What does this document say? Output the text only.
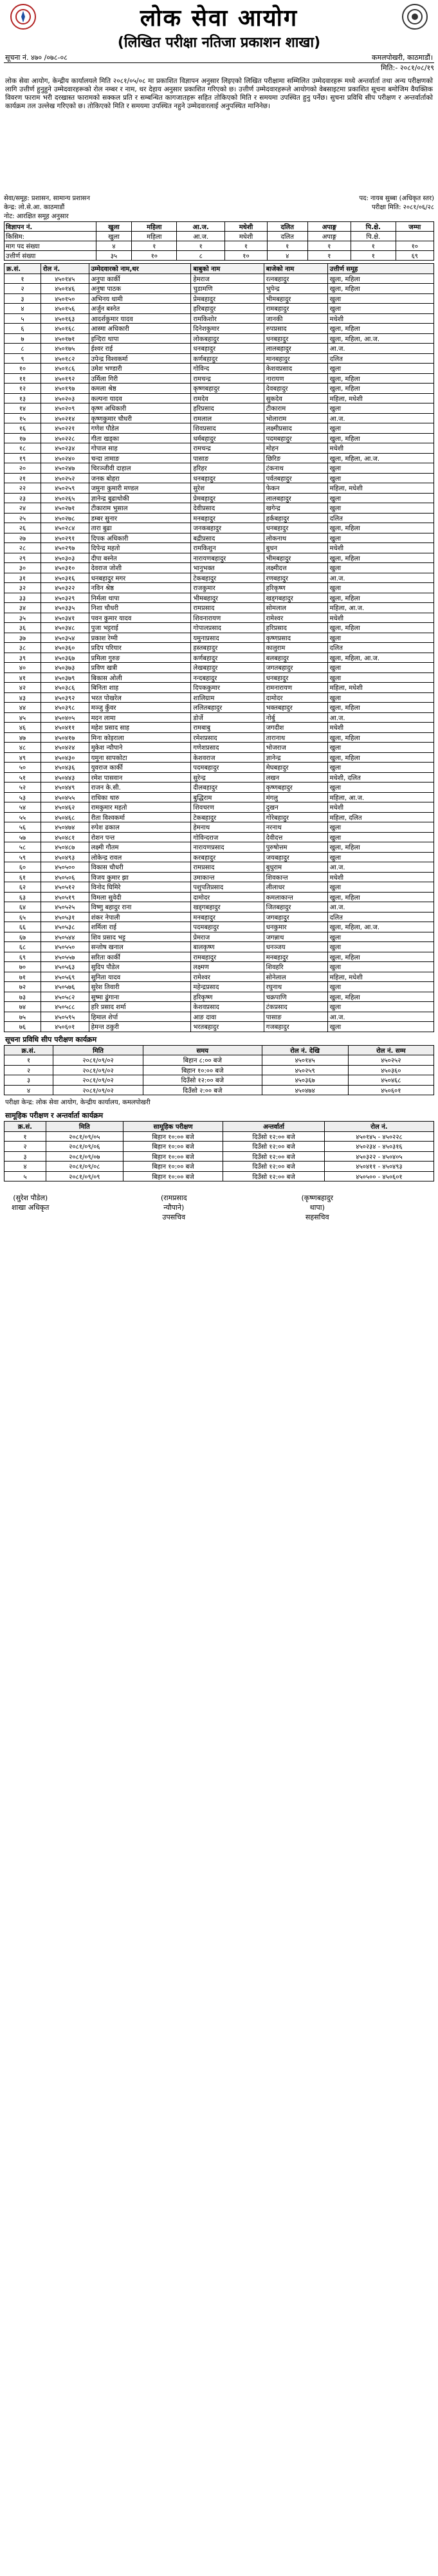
लोक सेवा आयोग
(लिखित परीक्षा नतिजा प्रकाशन शाखा)
सूचना नं. ४७० /०७८-०८	कमलपोखरी, काठमाडौं।
मिति:- २०८१/०८/१९
लोक सेवा आयोग, केन्द्रीय कार्यालयले मिति २०८१/०५/०८ मा प्रकाशित विज्ञापन अनुसार लिइएको लिखित परीक्षामा सम्मिलित उम्मेदवारहरू मध्ये अन्तर्वार्ता तथा अन्य परीक्षणको लागि उत्तीर्ण हुनुहुने उम्मेदवारहरूको रोल नम्बर र नाम, थर देहाय अनुसार प्रकाशित गरिएको छ। उत्तीर्ण उम्मेदवारहरूले आयोगको वेबसाइटमा प्रकाशित सूचना बमोजिम वैयक्तिक विवरण फाराम भरी दरखास्त फारामको सक्कल प्रति र सम्बन्धित कागजातहरू सहित तोकिएको मिति र समयमा उपस्थित हुनु पर्नेछ। सुचना प्रविधि सीप परीक्षण र अन्तर्वार्ताको कार्यक्रम तल उल्लेख गरिएको छ। तोकिएको मिति र समयमा उपस्थित नहुने उम्मेदवारलाई अनुपस्थित मानिनेछ।
सेवा/समूह: प्रशासन, सामान्य प्रशासन	पद: नायब सुब्बा (अधिकृत स्तर)
केन्द्र: लो.से.आ. काठमाडौं	परीक्षा मिति: २०८१/०६/२८
नोट: आरक्षित समूह अनुसार
विज्ञापन नं.	खुला	महिला	आ.ज.	मधेशी	दलित	अपाङ्ग	पि.क्षे.	जम्मा
किसिम:	खुला	महिला	आ.ज.	मधेशी	दलित	अपाङ्ग	पि.क्षे.	
माग पद संख्या	४	१	१	१	१	१	१	१०
उत्तीर्ण संख्या	३५	१०	८	१०	४	१	१	६९
क्र.सं.	रोल नं.	उम्मेदवारको नाम,थर	बाबुको नाम	बाजेको नाम	उत्तीर्ण समूह
१	४५०१४५	अनुपा कार्की	हेमराज	रत्नबहादुर	खुला, महिला
२	४५०१४६	अनुषा पाठक	चुडामणि	भुपेन्द्र	खुला, महिला
३	४५०१५०	अभिनय धामी	प्रेमबहादुर	भीमबहादुर	खुला
४	४५०१५६	अर्जुन बस्नेत	हरिबहादुर	रामबहादुर	खुला
५	४५०१६३	आदर्शकुमार यादव	रामकिशोर	जानकी	मधेशी
६	४५०१६८	आस्मा अधिकारी	दिनेशकुमार	रुपप्रसाद	खुला, महिला
७	४५०१७१	इन्दिरा थापा	लोकबहादुर	धनबहादुर	खुला, महिला, आ.ज.
८	४५०१७५	ईश्वर राई	धनबहादुर	लालबहादुर	आ.ज.
९	४५०१८२	उपेन्द्र विश्वकर्मा	कर्णबहादुर	मानबहादुर	दलित
१०	४५०१८६	उमेश भण्डारी	गोविन्द	केशवप्रसाद	खुला
११	४५०१९२	उर्मिला गिरी	रामचन्द्र	नारायण	खुला, महिला
१२	४५०१९७	कमला श्रेष्ठ	कृष्णबहादुर	देवबहादुर	खुला, महिला
१३	४५०२०३	कल्पना यादव	रामदेव	सुकदेव	महिला, मधेशी
१४	४५०२०९	कृष्ण अधिकारी	हरिप्रसाद	टीकाराम	खुला
१५	४५०२१४	कृष्णकुमार चौधरी	रामलाल	भोलाराम	आ.ज.
१६	४५०२२१	गणेश पौडेल	शिवप्रसाद	लक्ष्मीप्रसाद	खुला
१७	४५०२२८	गीता खड्का	धर्मबहादुर	पदमबहादुर	खुला, महिला
१८	४५०२३४	गोपाल साह	रामचन्द्र	मोहन	मधेशी
१९	४५०२४०	चन्दा तामाङ	पासाङ	छिरिङ	खुला, महिला, आ.ज.
२०	४५०२४७	चिरञ्जीवी दाहाल	हरिहर	टंकनाथ	खुला
२१	४५०२५२	जनक बोहरा	धनबहादुर	पर्वतबहादुर	खुला
२२	४५०२५९	जमुना कुमारी मण्डल	सुरेश	फेकन	महिला, मधेशी
२३	४५०२६५	ज्ञानेन्द्र बुढाथोकी	प्रेमबहादुर	लालबहादुर	खुला
२४	४५०२७१	टीकाराम भुसाल	देवीप्रसाद	खगेन्द्र	खुला
२५	४५०२७८	डम्बर सुनार	मनबहादुर	हर्कबहादुर	दलित
२६	४५०२८४	तारा बुढा	जनकबहादुर	धनबहादुर	खुला, महिला
२७	४५०२९१	दिपक अधिकारी	बद्रीप्रसाद	लोकनाथ	खुला
२८	४५०२९७	दिपेन्द्र महतो	रामकिशुन	बुधन	मधेशी
२९	४५०३०३	दीपा बस्नेत	नारायणबहादुर	भीमबहादुर	खुला, महिला
३०	४५०३१०	देवराज जोशी	भानुभक्त	लक्ष्मीदत्त	खुला
३१	४५०३१६	धनबहादुर मगर	टेकबहादुर	रणबहादुर	आ.ज.
३२	४५०३२२	नविन श्रेष्ठ	राजकुमार	हरिकृष्ण	खुला
३३	४५०३२९	निर्मला थापा	भीमबहादुर	खड्गबहादुर	खुला, महिला
३४	४५०३३५	निशा चौधरी	रामप्रसाद	सोमलाल	महिला, आ.ज.
३५	४५०३४१	पवन कुमार यादव	शिवनारायण	रामेश्वर	मधेशी
३६	४५०३४८	पुजा भट्टराई	गोपालप्रसाद	हरिप्रसाद	खुला, महिला
३७	४५०३५४	प्रकाश रेग्मी	यमुनाप्रसाद	कृष्णप्रसाद	खुला
३८	४५०३६०	प्रदिप परियार	हस्तबहादुर	कालुराम	दलित
३९	४५०३६७	प्रमिला गुरुङ	कर्णबहादुर	बलबहादुर	खुला, महिला, आ.ज.
४०	४५०३७३	प्रविण खत्री	लेखबहादुर	जगतबहादुर	खुला
४१	४५०३७९	बिकास ओली	नन्दबहादुर	धनबहादुर	खुला
४२	४५०३८६	बिनिता शाह	दिपककुमार	रामनारायण	महिला, मधेशी
४३	४५०३९२	भरत पोखरेल	शालिग्राम	दामोदर	खुला
४४	४५०३९८	मञ्जु कुँवर	ललितबहादुर	भक्तबहादुर	खुला, महिला
४५	४५०४०५	मदन लामा	डोर्जे	नोर्बु	आ.ज.
४६	४५०४११	महेश प्रसाद साह	रामबाबु	जगदीश	मधेशी
४७	४५०४१७	मिना कोइराला	रमेशप्रसाद	तारानाथ	खुला, महिला
४८	४५०४२४	मुकेश न्यौपाने	गणेशप्रसाद	भोजराज	खुला
४९	४५०४३०	यमुना सापकोटा	केशवराज	ज्ञानेन्द्र	खुला, महिला
५०	४५०४३६	युवराज कार्की	पदमबहादुर	मेघबहादुर	खुला
५१	४५०४४३	रमेश पासवान	सुरेन्द्र	लखन	मधेशी, दलित
५२	४५०४४९	राजन के.सी.	दीलबहादुर	कृष्णबहादुर	खुला
५३	४५०४५५	राधिका थारु	बुद्धिराम	मंगलु	महिला, आ.ज.
५४	४५०४६२	रामकुमार महतो	शिवचरण	दुखन	मधेशी
५५	४५०४६८	रीता विश्वकर्मा	टेकबहादुर	गोरेबहादुर	महिला, दलित
५६	४५०४७४	रुपेश ढकाल	हेमनाथ	नरनाथ	खुला
५७	४५०४८१	रोशन पन्त	गोविन्दराज	देवीदत्त	खुला
५८	४५०४८७	लक्ष्मी गौतम	नारायणप्रसाद	पुरुषोत्तम	खुला, महिला
५९	४५०४९३	लोकेन्द्र रावल	करबहादुर	जयबहादुर	खुला
६०	४५०५००	विकास चौधरी	रामप्रसाद	बुधुराम	आ.ज.
६१	४५०५०६	विजय कुमार झा	उमाकान्त	शिवकान्त	मधेशी
६२	४५०५१२	विनोद घिमिरे	पशुपतिप्रसाद	लीलाधर	खुला
६३	४५०५१९	विमला सुवेदी	दामोदर	कमलाकान्त	खुला, महिला
६४	४५०५२५	विष्णु बहादुर राना	खड्गबहादुर	जितबहादुर	आ.ज.
६५	४५०५३१	शंकर नेपाली	मनबहादुर	जगबहादुर	दलित
६६	४५०५३८	शर्मिला राई	पदमबहादुर	धनकुमार	खुला, महिला, आ.ज.
६७	४५०५४४	शिव प्रसाद भट्ट	प्रेमराज	जगन्नाथ	खुला
६८	४५०५५०	सन्तोष खनाल	बालकृष्ण	धनञ्जय	खुला
६९	४५०५५७	सरिता कार्की	रामबहादुर	मनबहादुर	खुला, महिला
७०	४५०५६३	सुदिप पौडेल	लक्ष्मण	शिवहरि	खुला
७१	४५०५६९	सुनिता यादव	रामेश्वर	सोनेलाल	महिला, मधेशी
७२	४५०५७६	सुरेश तिवारी	महेन्द्रप्रसाद	रघुनाथ	खुला
७३	४५०५८२	सुष्मा ढुंगाना	हरिकृष्ण	चक्रपाणि	खुला, महिला
७४	४५०५८८	हरि प्रसाद शर्मा	केशवप्रसाद	टंकप्रसाद	खुला
७५	४५०५९५	हिमाल शेर्पा	आङ दावा	पासाङ	आ.ज.
७६	४५०६०१	हेमन्त ठकुरी	भरतबहादुर	गजबहादुर	खुला
सूचना प्रविधि सीप परीक्षण कार्यक्रम
क्र.सं.	मिति	समय	रोल नं. देखि	रोल नं. सम्म
१	२०८१/०९/०२	बिहान ८:०० बजे	४५०१४५	४५०२५२
२	२०८१/०९/०२	बिहान १०:०० बजे	४५०२५९	४५०३६०
३	२०८१/०९/०२	दिउँसो १२:०० बजे	४५०३६७	४५०४६८
४	२०८१/०९/०२	दिउँसो २:०० बजे	४५०४७४	४५०६०१
परीक्षा केन्द्र: लोक सेवा आयोग, केन्द्रीय कार्यालय, कमलपोखरी
सामूहिक परीक्षण र अन्तर्वार्ता कार्यक्रम
क्र.सं.	मिति	सामूहिक परीक्षण	अन्तर्वार्ता	रोल नं.
१	२०८१/०९/०५	बिहान १०:०० बजे	दिउँसो १२:०० बजे	४५०१४५ - ४५०२२८
२	२०८१/०९/०६	बिहान १०:०० बजे	दिउँसो १२:०० बजे	४५०२३४ - ४५०३१६
३	२०८१/०९/०७	बिहान १०:०० बजे	दिउँसो १२:०० बजे	४५०३२२ - ४५०४०५
४	२०८१/०९/०८	बिहान १०:०० बजे	दिउँसो १२:०० बजे	४५०४११ - ४५०४९३
५	२०८१/०९/०९	बिहान १०:०० बजे	दिउँसो १२:०० बजे	४५०५०० - ४५०६०१
(सुरेश पौडेल)
शाखा अधिकृत
(रामप्रसाद न्यौपाने)
उपसचिव
(कृष्णबहादुर थापा)
सहसचिव
